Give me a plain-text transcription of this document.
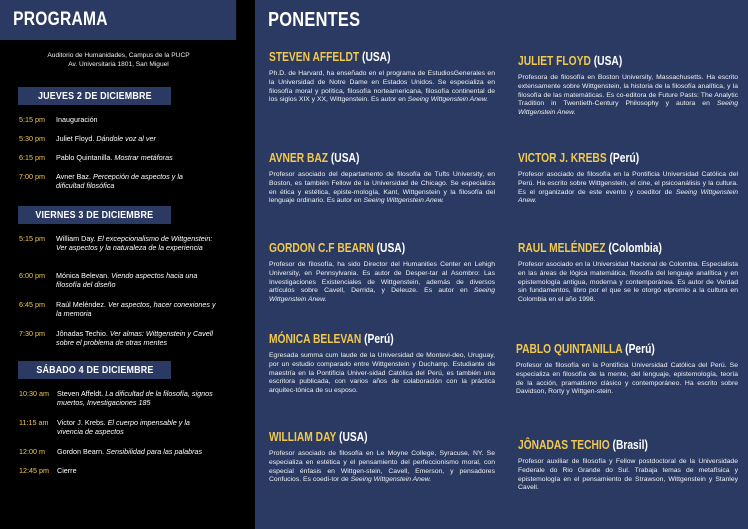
PROGRAMA
Auditorio de Humanidades, Campus de la PUCP
Av. Universitaria 1801, San Miguel
JUEVES 2 DE DICIEMBRE
5:15 pm Inauguración
5:30 pm Juliet Floyd. Dándole voz al ver
6:15 pm Pablo Quintanilla. Mostrar metáforas
7:00 pm Avner Baz. Percepción de aspectos y la dificultad filosófica
VIERNES 3 DE DICIEMBRE
5:15 pm William Day. El excepcionalismo de Wittgenstein: Ver aspectos y la naturaleza de la experiencia
6:00 pm Mónica Belevan. Viendo aspectos hacia una filosofía del diseño
6:45 pm Raúl Meléndez. Ver aspectos, hacer conexiones y la memoria
7:30 pm Jônadas Techio. Ver almas: Wittgenstein y Cavell sobre el problema de otras mentes
SÁBADO 4 DE DICIEMBRE
10:30 am Steven Affeldt. La dificultad de la filosofía, signos muertos, Investigaciones 185
11:15 am Victor J. Krebs. El cuerpo impensable y la vivencia de aspectos
12:00 m Gordon Bearn. Sensibilidad para las palabras
12:45 pm Cierre
PONENTES
STEVEN AFFELDT (USA)
Ph.D. de Harvard, ha enseñado en el programa de EstudiosGenerales en la Universidad de Notre Dame en Estados Unidos. Se especializa en filosofía moral y política, filosofía norteamericana, filosofía continental de los siglos XIX y XX, Wittgenstein. Es autor en Seeing Wittgenstein Anew.
AVNER BAZ (USA)
Profesor asociado del departamento de filosofía de Tufts University, en Boston, es también Fellow de la Universidad de Chicago. Se especializa en ética y estética, episte-mología, Kant, Wittgenstein y la filosofía del lenguaje ordinario. Es autor en Seeing Wittgenstein Anew.
GORDON C.F BEARN (USA)
Profesor de filosofía, ha sido Director del Humanities Center en Lehigh University, en Pennsylvania. Es autor de Desper-tar al Asombro: Las Investigaciones Existenciales de Wittgenstein, además de diversos artículos sobre Cavell, Derrida, y Deleuze. Es autor en Seeing Wittgenstein Anew.
MÓNICA BELEVAN (Perú)
Egresada summa cum laude de la Universidad de Montevi-deo, Uruguay, por un estudio comparado entre Wittgenstein y Duchamp. Estudiante de maestría en la Pontificia Univer-sidad Católica del Perú, es también una escritora publicada, con varios años de colaboración con la práctica arquitec-tónica de su esposo.
WILLIAM DAY (USA)
Profesor asociado de filosofía en Le Moyne College, Syracuse, NY. Se especializa en estética y el pensamiento del perfeccionismo moral, con especial énfasis en Wittgen-stein, Cavell, Emerson, y pensadores Confucios. Es coedi-tor de Seeing Wittgenstein Anew.
JULIET FLOYD (USA)
Profesora de filosofía en Boston University, Massachusetts. Ha escrito extensamente sobre Wittgenstein, la historia de la filosofía analítica, y la filosofía de las matemáticas. Es co-editora de Future Pasts: The Analytic Tradition in Twentieth-Century Philosophy y autora en Seeing Wittgenstein Anew.
VICTOR J. KREBS (Perú)
Profesor asociado de filosofía en la Pontificia Universidad Católica del Perú. Ha escrito sobre Wittgenstein, el cine, el psicoanálisis y la cultura. Es el organizador de este evento y coeditor de Seeing Wittgenstein Anew.
RAUL MELÉNDEZ (Colombia)
Profesor asociado en la Universidad Nacional de Colombia. Especialista en las áreas de lógica matemática, filosofía del lenguaje analítica y en epistemología antigua, moderna y contemporánea. Es autor de Verdad sin fundamentos, libro por el que se le otorgó elpremio a la cultura en Colombia en el año 1998.
PABLO QUINTANILLA (Perú)
Profesor de filosofía en la Pontificia Universidad Católica del Perú. Se especializa en filosofía de la mente, del lenguaje, epistemología, teoría de la acción, pramatismo clásico y contemporáneo. Ha escrito sobre Davidson, Rorty y Wittgen-stein.
JÔNADAS TECHIO (Brasil)
Profesor auxiliar de filosofía y Fellow postdoctoral de la Universidade Federale do Rio Grande do Sul. Trabaja temas de metafísica y epistemología en el pensamiento de Strawson, Wittgenstein y Stanley Cavell.
